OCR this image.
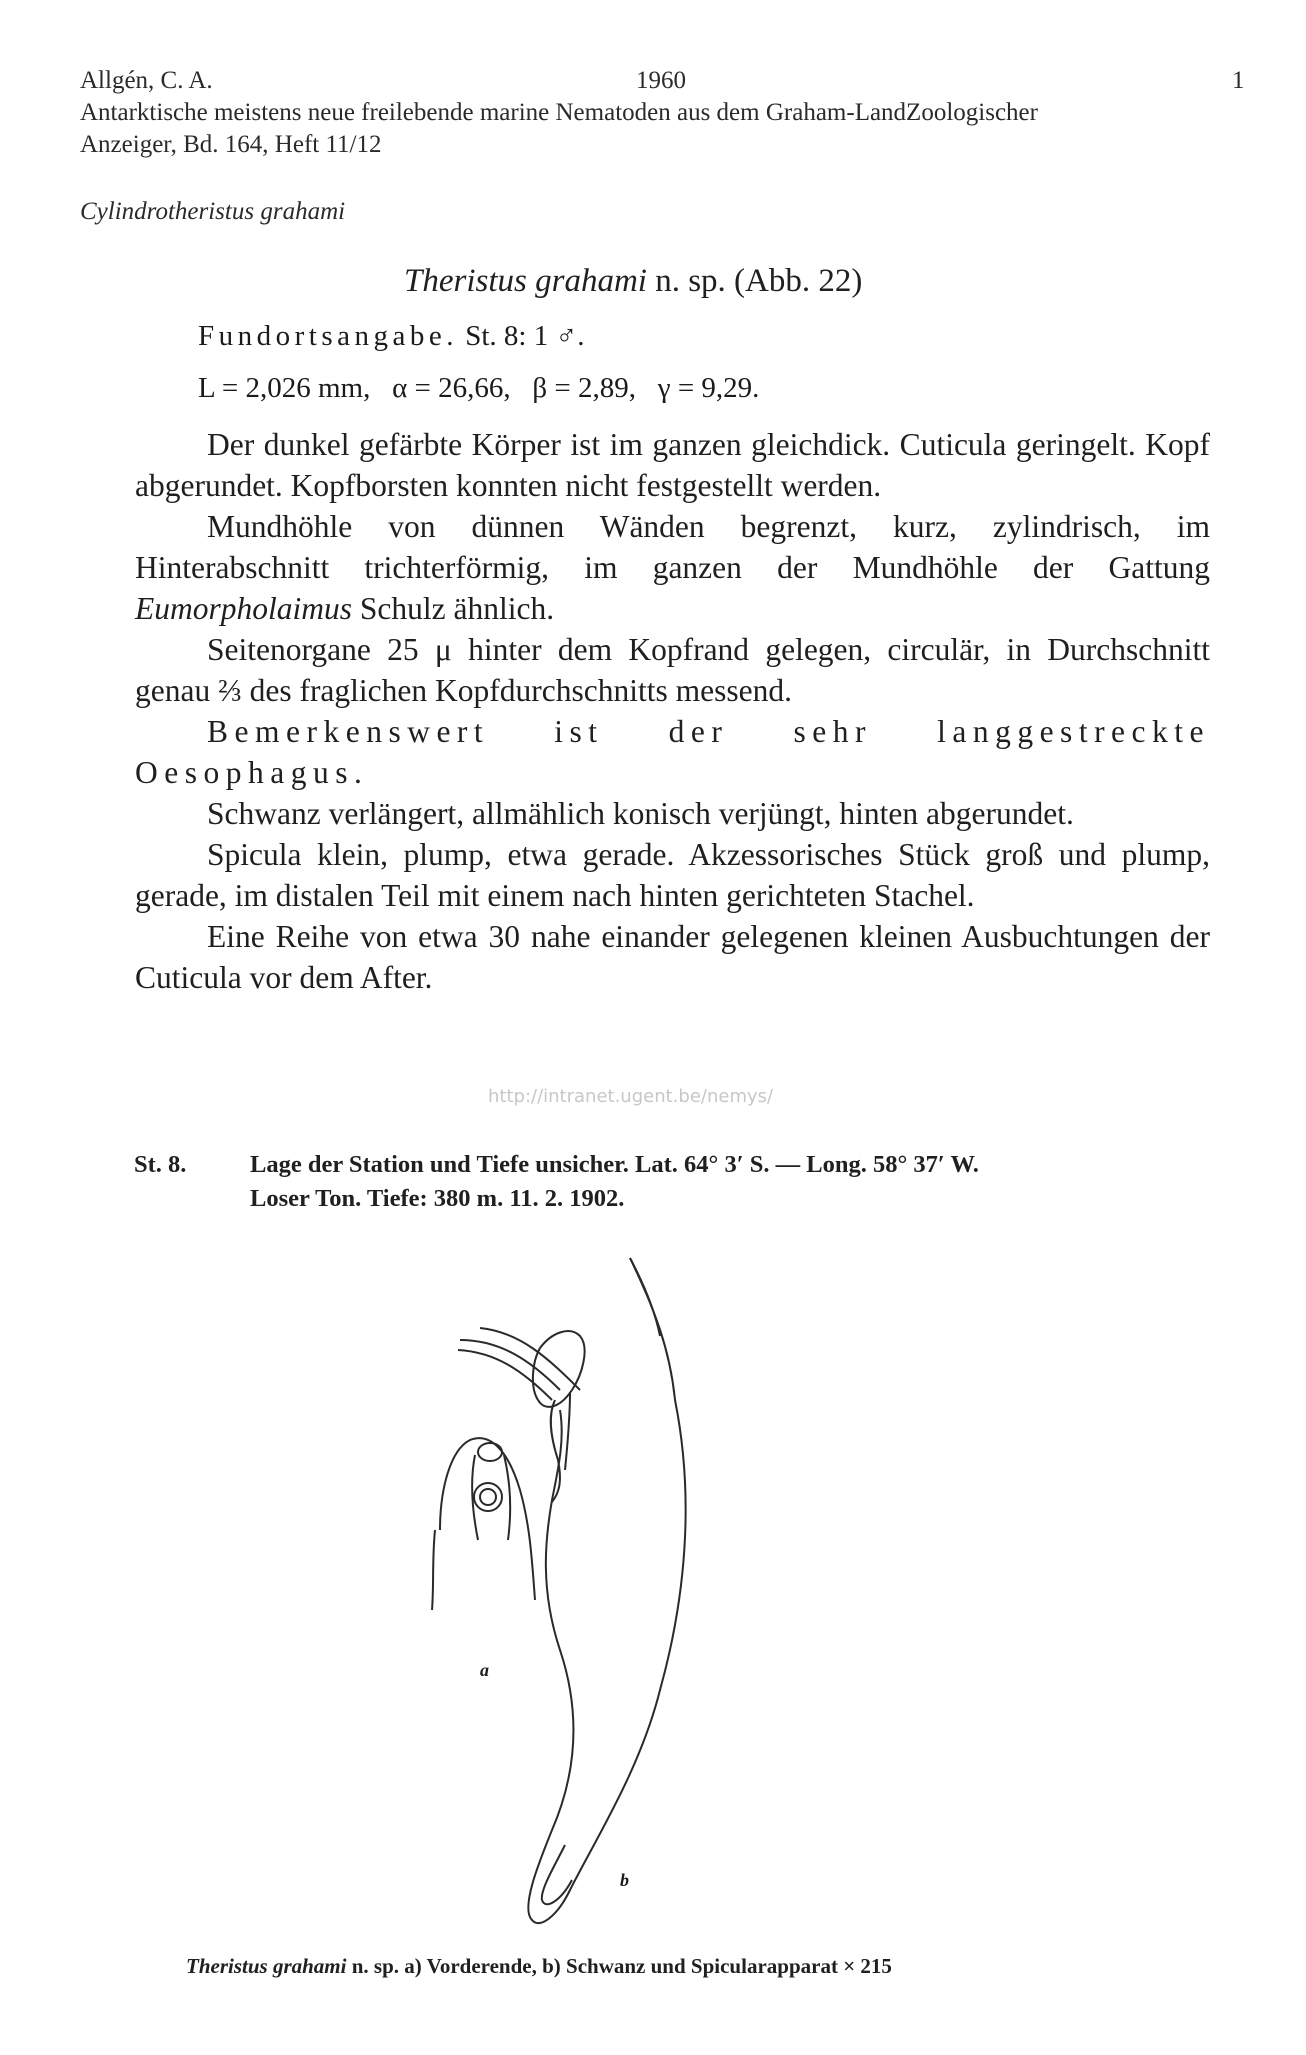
Allgén, C. A.	1960	1
Antarktische meistens neue freilebende marine Nematoden aus dem Graham-LandZoologischer
Anzeiger, Bd. 164, Heft 11/12
Cylindrotheristus grahami
Theristus grahami n. sp. (Abb. 22)
Fundortsangabe. St. 8: 1 ♂.
L = 2,026 mm,   α = 26,66,   β = 2,89,   γ = 9,29.

Der dunkel gefärbte Körper ist im ganzen gleichdick. Cuticula geringelt. Kopf abgerundet. Kopfborsten konnten nicht festgestellt werden.

Mundhöhle von dünnen Wänden begrenzt, kurz, zylindrisch, im Hinterabschnitt trichterförmig, im ganzen der Mundhöhle der Gattung Eumorpholaimus Schulz ähnlich.

Seitenorgane 25 μ hinter dem Kopfrand gelegen, circulär, in Durchschnitt genau ⅔ des fraglichen Kopfdurchschnitts messend.

Bemerkenswert ist der sehr langgestreckte Oesophagus.

Schwanz verlängert, allmählich konisch verjüngt, hinten abgerundet.

Spicula klein, plump, etwa gerade. Akzessorisches Stück groß und plump, gerade, im distalen Teil mit einem nach hinten gerichteten Stachel.

Eine Reihe von etwa 30 nahe einander gelegenen kleinen Ausbuchtungen der Cuticula vor dem After.

http://intranet.ugent.be/nemys/
St. 8.	Lage der Station und Tiefe unsicher. Lat. 64° 3′ S. — Long. 58° 37′ W.
Loser Ton. Tiefe: 380 m. 11. 2. 1902.
a
b
Theristus grahami n. sp. a) Vorderende, b) Schwanz und Spicularapparat × 215
